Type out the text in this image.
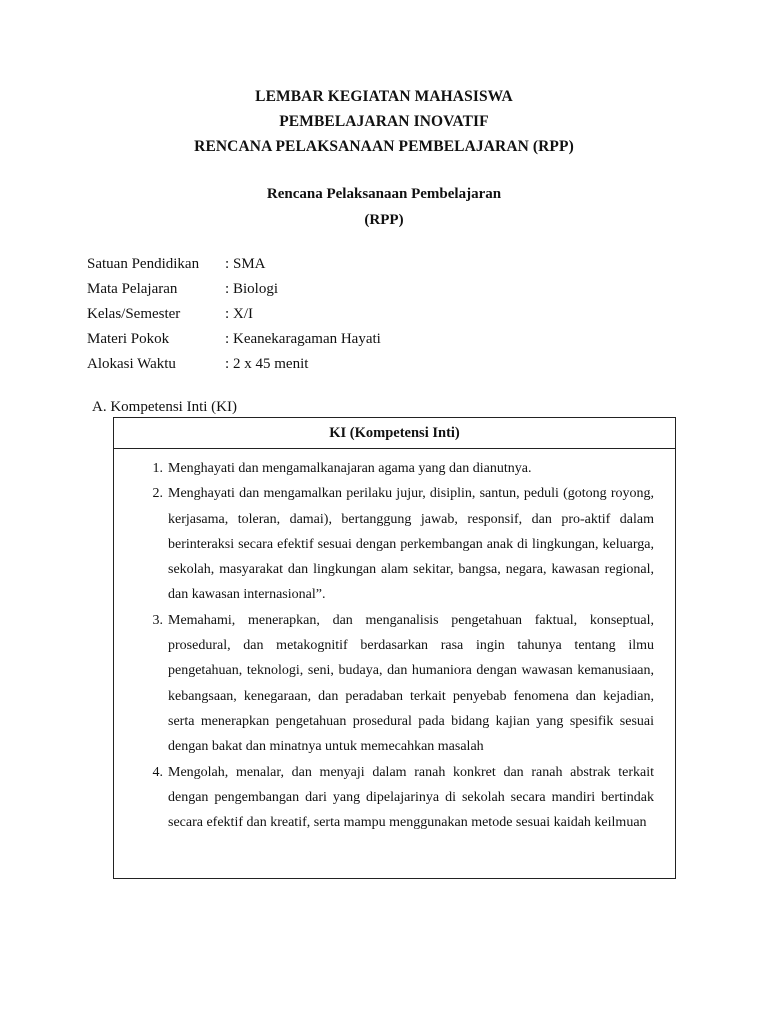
LEMBAR KEGIATAN MAHASISWA
PEMBELAJARAN INOVATIF
RENCANA PELAKSANAAN PEMBELAJARAN (RPP)
Rencana Pelaksanaan Pembelajaran
(RPP)
Satuan Pendidikan	: SMA
Mata Pelajaran	: Biologi
Kelas/Semester	: X/I
Materi Pokok	: Keanekaragaman Hayati
Alokasi Waktu	: 2 x 45 menit
A. Kompetensi Inti (KI)
KI (Kompetensi Inti)
1. Menghayati dan mengamalkanajaran agama yang dan dianutnya.
2. Menghayati dan mengamalkan perilaku jujur, disiplin, santun, peduli (gotong royong, kerjasama, toleran, damai), bertanggung jawab, responsif, dan pro-aktif dalam berinteraksi secara efektif sesuai dengan perkembangan anak di lingkungan, keluarga, sekolah, masyarakat dan lingkungan alam sekitar, bangsa, negara, kawasan regional, dan kawasan internasional”.
3. Memahami, menerapkan, dan menganalisis pengetahuan faktual, konseptual, prosedural, dan metakognitif berdasarkan rasa ingin tahunya tentang ilmu pengetahuan, teknologi, seni, budaya, dan humaniora dengan wawasan kemanusiaan, kebangsaan, kenegaraan, dan peradaban terkait penyebab fenomena dan kejadian, serta menerapkan pengetahuan prosedural pada bidang kajian yang spesifik sesuai dengan bakat dan minatnya untuk memecahkan masalah
4. Mengolah, menalar, dan menyaji dalam ranah konkret dan ranah abstrak terkait dengan pengembangan dari yang dipelajarinya di sekolah secara mandiri bertindak secara efektif dan kreatif, serta mampu menggunakan metode sesuai kaidah keilmuan
